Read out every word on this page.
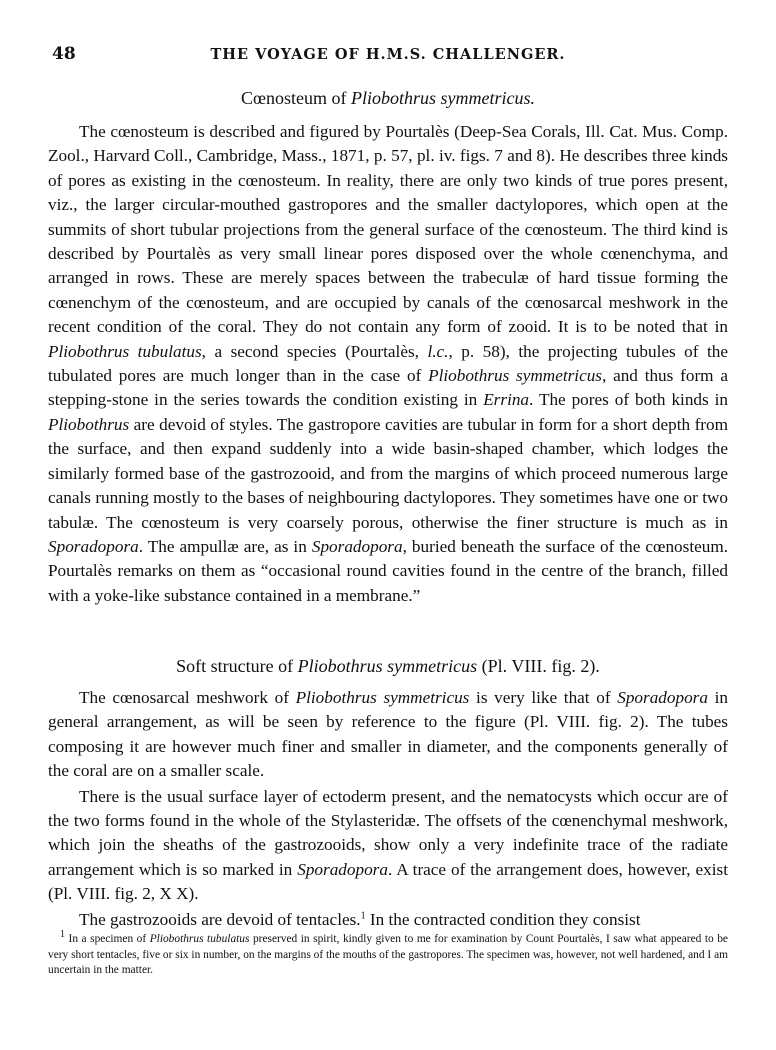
48	THE VOYAGE OF H.M.S. CHALLENGER.
Cœnosteum of Pliobothrus symmetricus.

The cœnosteum is described and figured by Pourtalès (Deep-Sea Corals, Ill. Cat. Mus. Comp. Zool., Harvard Coll., Cambridge, Mass., 1871, p. 57, pl. iv. figs. 7 and 8). He describes three kinds of pores as existing in the cœnosteum. In reality, there are only two kinds of true pores present, viz., the larger circular-mouthed gastropores and the smaller dactylopores, which open at the summits of short tubular projections from the general surface of the cœnosteum. The third kind is described by Pourtalès as very small linear pores disposed over the whole cœnenchyma, and arranged in rows. These are merely spaces between the trabeculæ of hard tissue forming the cœnenchym of the cœnosteum, and are occupied by canals of the cœnosarcal meshwork in the recent condition of the coral. They do not contain any form of zooid. It is to be noted that in Pliobothrus tubulatus, a second species (Pourtalès, l.c., p. 58), the projecting tubules of the tubulated pores are much longer than in the case of Pliobothrus symmetricus, and thus form a stepping-stone in the series towards the condition existing in Errina. The pores of both kinds in Pliobothrus are devoid of styles. The gastropore cavities are tubular in form for a short depth from the surface, and then expand suddenly into a wide basin-shaped chamber, which lodges the similarly formed base of the gastrozooid, and from the margins of which proceed numerous large canals running mostly to the bases of neighbouring dactylopores. They sometimes have one or two tabulæ. The cœnosteum is very coarsely porous, otherwise the finer structure is much as in Sporadopora. The ampullæ are, as in Sporadopora, buried beneath the surface of the cœnosteum. Pourtalès remarks on them as “occasional round cavities found in the centre of the branch, filled with a yoke-like substance contained in a membrane.”

Soft structure of Pliobothrus symmetricus (Pl. VIII. fig. 2).

The cœnosarcal meshwork of Pliobothrus symmetricus is very like that of Sporadopora in general arrangement, as will be seen by reference to the figure (Pl. VIII. fig. 2). The tubes composing it are however much finer and smaller in diameter, and the components generally of the coral are on a smaller scale.

There is the usual surface layer of ectoderm present, and the nematocysts which occur are of the two forms found in the whole of the Stylasteridæ. The offsets of the cœnenchymal meshwork, which join the sheaths of the gastrozooids, show only a very indefinite trace of the radiate arrangement which is so marked in Sporadopora. A trace of the arrangement does, however, exist (Pl. VIII. fig. 2, X X).

The gastrozooids are devoid of tentacles.$^1$ In the contracted condition they consist

$^1$ In a specimen of Pliobothrus tubulatus preserved in spirit, kindly given to me for examination by Count Pourtalès, I saw what appeared to be very short tentacles, five or six in number, on the margins of the mouths of the gastropores. The specimen was, however, not well hardened, and I am uncertain in the matter.
